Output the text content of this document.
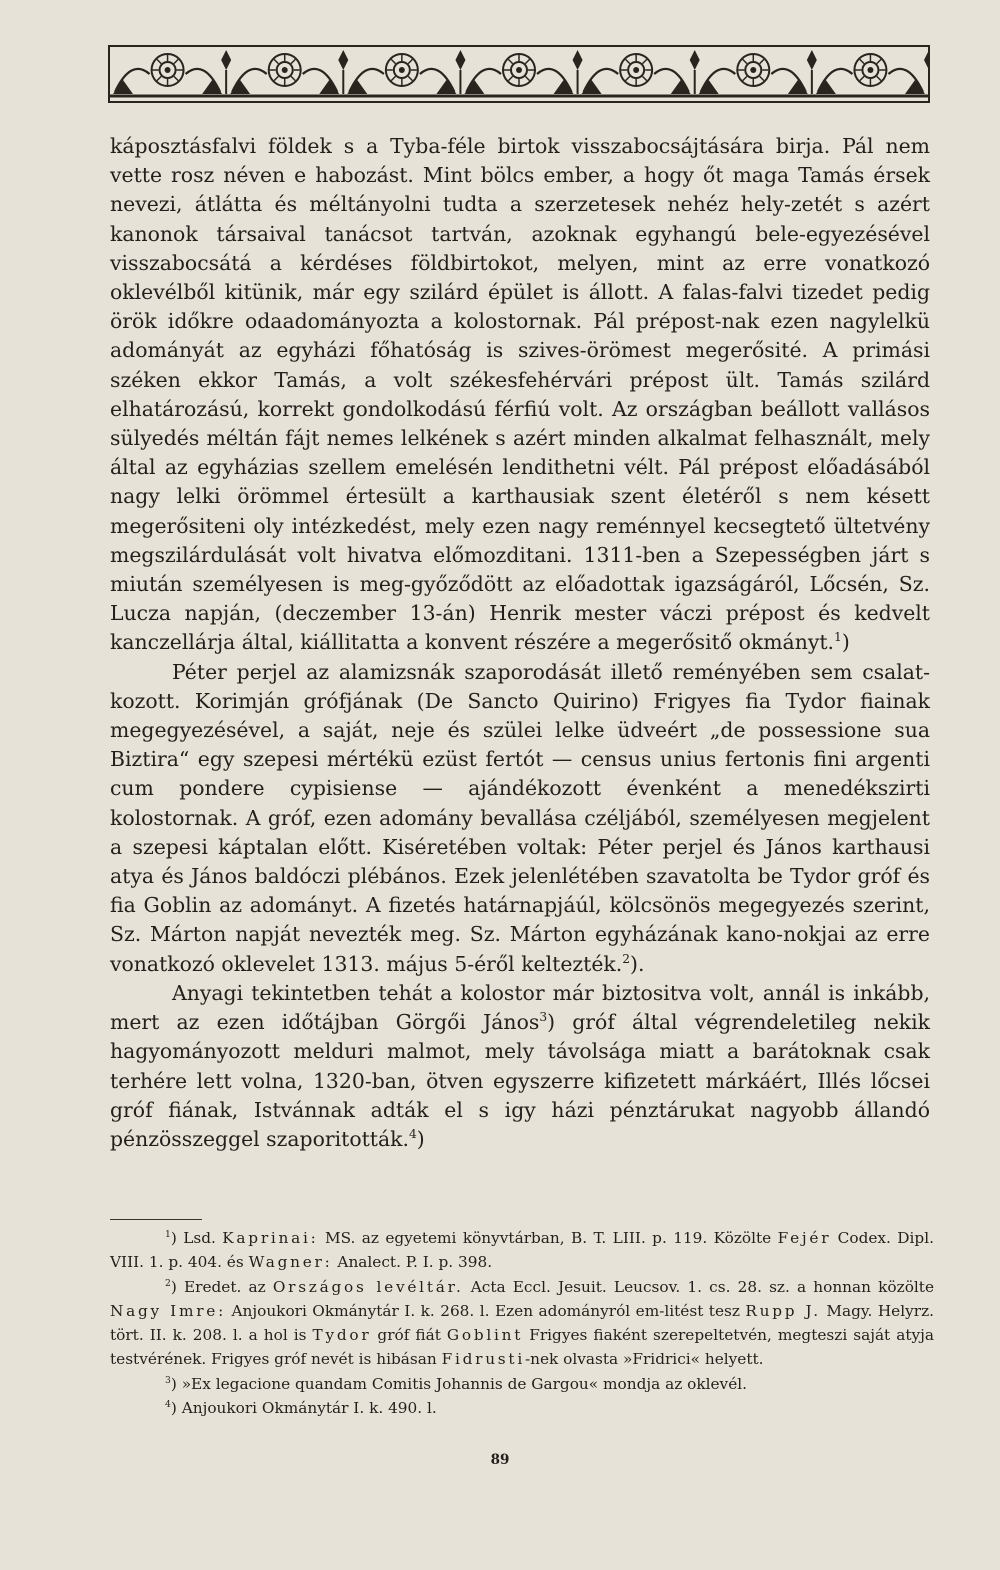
káposztásfalvi földek s a Tyba-féle birtok visszabocsájtására birja. Pál nem vette rosz néven e habozást. Mint bölcs ember, a hogy őt maga Tamás érsek nevezi, átlátta és méltányolni tudta a szerzetesek nehéz hely-zetét s azért kanonok társaival tanácsot tartván, azoknak egyhangú bele-egyezésével visszabocsátá a kérdéses földbirtokot, melyen, mint az erre vonatkozó oklevélből kitünik, már egy szilárd épület is állott. A falas-falvi tizedet pedig örök időkre odaadományozta a kolostornak. Pál prépost-nak ezen nagylelkü adományát az egyházi főhatóság is szives-örömest megerősité. A primási széken ekkor Tamás, a volt székesfehérvári prépost ült. Tamás szilárd elhatározású, korrekt gondolkodású férfiú volt. Az országban beállott vallásos sülyedés méltán fájt nemes lelkének s azért minden alkalmat felhasznált, mely által az egyházias szellem emelésén lendithetni vélt. Pál prépost előadásából nagy lelki örömmel értesült a karthausiak szent életéről s nem késett megerősiteni oly intézkedést, mely ezen nagy reménnyel kecsegtető ültetvény megszilárdulását volt hivatva előmozditani. 1311-ben a Szepességben járt s miután személyesen is meg-győződött az előadottak igazságáról, Lőcsén, Sz. Lucza napján, (deczember 13-án) Henrik mester váczi prépost és kedvelt kanczellárja által, kiállitatta a konvent részére a megerősitő okmányt.$^1$)

Péter perjel az alamizsnák szaporodását illető reményében sem csalat-kozott. Korimján grófjának (De Sancto Quirino) Frigyes fia Tydor fiainak megegyezésével, a saját, neje és szülei lelke üdveért „de possessione sua Biztira“ egy szepesi mértékü ezüst fertót — census unius fertonis fini argenti cum pondere cypisiense — ajándékozott évenként a menedékszirti kolostornak. A gróf, ezen adomány bevallása czéljából, személyesen megjelent a szepesi káptalan előtt. Kiséretében voltak: Péter perjel és János karthausi atya és János baldóczi plébános. Ezek jelenlétében szavatolta be Tydor gróf és fia Goblin az adományt. A fizetés határnapjáúl, kölcsönös megegyezés szerint, Sz. Márton napját nevezték meg. Sz. Márton egyházának kano-nokjai az erre vonatkozó oklevelet 1313. május 5-éről keltezték.$^2$).

Anyagi tekintetben tehát a kolostor már biztositva volt, annál is inkább, mert az ezen időtájban Görgői János$^3$) gróf által végrendeletileg nekik hagyományozott melduri malmot, mely távolsága miatt a barátoknak csak terhére lett volna, 1320-ban, ötven egyszerre kifizetett márkáért, Illés lőcsei gróf fiának, Istvánnak adták el s igy házi pénztárukat nagyobb állandó pénzösszeggel szaporitották.$^4$)

$^1$) Lsd. Kaprinai: MS. az egyetemi könyvtárban, B. T. LIII. p. 119. Közölte Fejér Codex. Dipl. VIII. 1. p. 404. és Wagner: Analect. P. I. p. 398.

$^2$) Eredet. az Országos levéltár. Acta Eccl. Jesuit. Leucsov. 1. cs. 28. sz. a honnan közölte Nagy Imre: Anjoukori Okmánytár I. k. 268. l. Ezen adományról em-litést tesz Rupp J. Magy. Helyrz. tört. II. k. 208. l. a hol is Tydor gróf fiát Goblint Frigyes fiaként szerepeltetvén, megteszi saját atyja testvérének. Frigyes gróf nevét is hibásan Fidrusti-nek olvasta »Fridrici« helyett.

$^3$) »Ex legacione quandam Comitis Johannis de Gargou« mondja az oklevél.

$^4$) Anjoukori Okmánytár I. k. 490. l.

89
